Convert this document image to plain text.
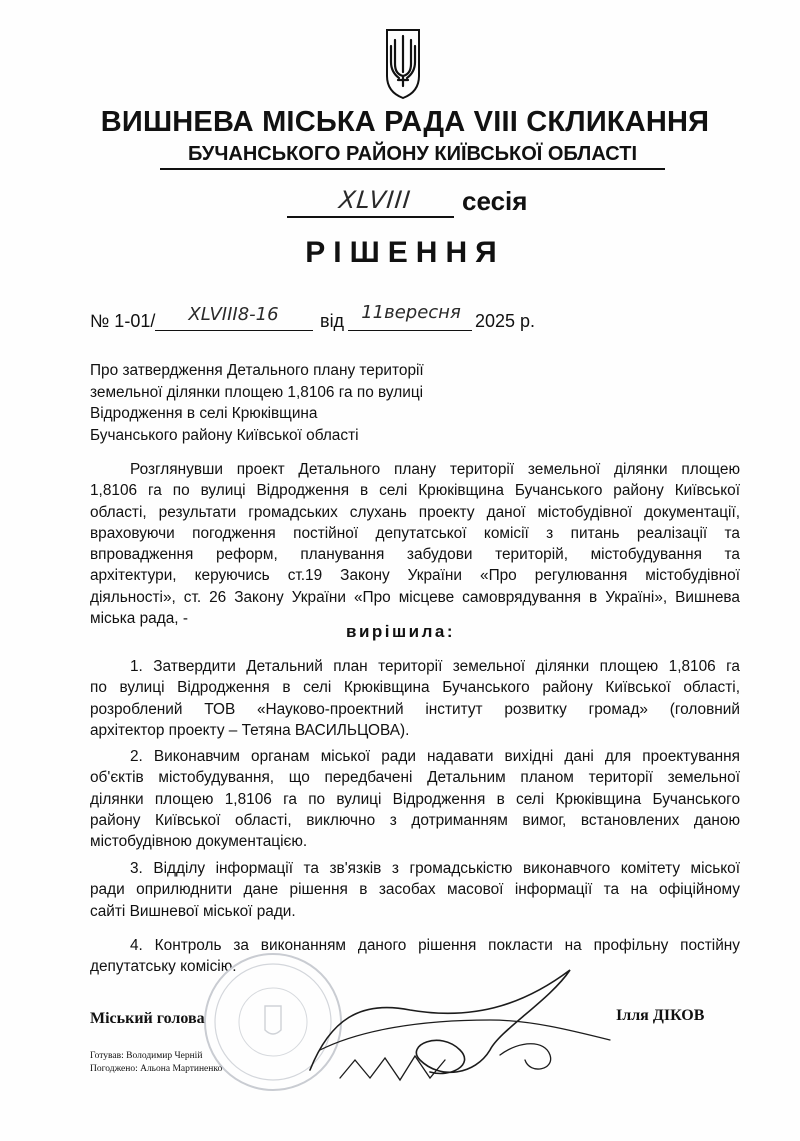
ВИШНЕВА МІСЬКА РАДА VIII СКЛИКАННЯ
БУЧАНСЬКОГО РАЙОНУ КИЇВСЬКОЇ ОБЛАСТІ
XLVIII	сесія
РІШЕННЯ
№ 1-01/	XLVIII8-16	від 11вересня 2025 р.
Про затвердження Детального плану території
земельної ділянки площею 1,8106 га по вулиці
Відродження в селі Крюківщина
Бучанського району Київської області
Розглянувши проект Детального плану території земельної ділянки площею
1,8106 га по вулиці Відродження в селі Крюківщина Бучанського району Київської
області, результати громадських слухань проекту даної містобудівної документації,
враховуючи погодження постійної депутатської комісії з питань реалізації та
впровадження реформ, планування забудови територій, містобудування та
архітектури, керуючись ст.19 Закону України «Про регулювання містобудівної
діяльності», ст. 26 Закону України «Про місцеве самоврядування в Україні», Вишнева
міська рада, -
вирішила:
1. Затвердити Детальний план території земельної ділянки площею 1,8106 га
по вулиці Відродження в селі Крюківщина Бучанського району Київської області,
розроблений ТОВ «Науково-проектний інститут розвитку громад» (головний
архітектор проекту – Тетяна ВАСИЛЬЦОВА).
2. Виконавчим органам міської ради надавати вихідні дані для проектування
об'єктів містобудування, що передбачені Детальним планом території земельної
ділянки площею 1,8106 га по вулиці Відродження в селі Крюківщина Бучанського
району Київської області, виключно з дотриманням вимог, встановлених даною
містобудівною документацією.
3. Відділу інформації та зв'язків з громадськістю виконавчого комітету міської
ради оприлюднити дане рішення в засобах масової інформації та на офіційному
сайті Вишневої міської ради.
4. Контроль за виконанням даного рішення покласти на профільну постійну
депутатську комісію.
Міський голова	Ілля ДІКОВ
Готував: Володимир Черній
Погоджено: Альона Мартиненко
